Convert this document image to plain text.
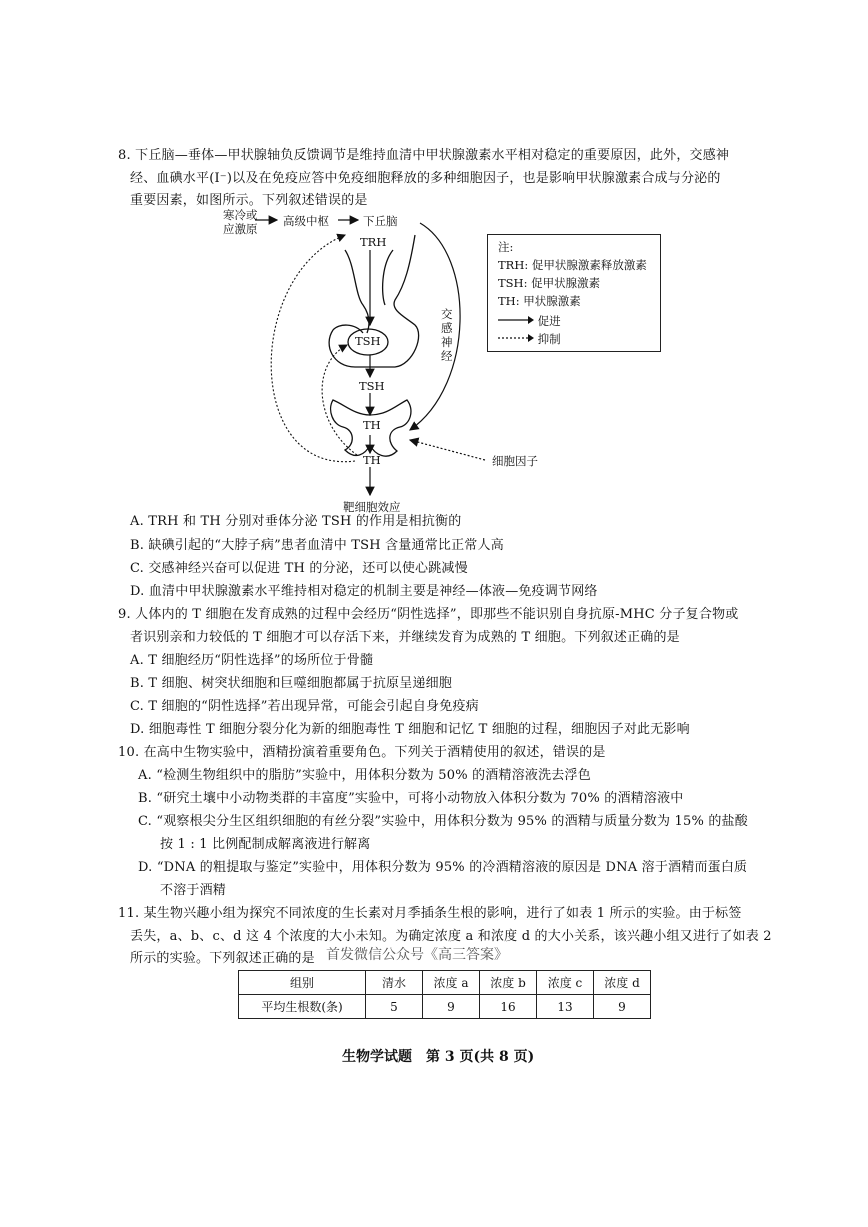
8. 下丘脑—垂体—甲状腺轴负反馈调节是维持血清中甲状腺激素水平相对稳定的重要原因，此外，交感神
经、血碘水平(I⁻)以及在免疫应答中免疫细胞释放的多种细胞因子，也是影响甲状腺激素合成与分泌的
重要因素，如图所示。下列叙述错误的是
寒冷或
应激原
高级中枢	下丘脑
TRH
TSH
TSH
TH
TH
交感神经
细胞因子
靶细胞效应
注:
TRH: 促甲状腺激素释放激素
TSH: 促甲状腺激素
TH: 甲状腺激素
促进
抑制
A. TRH 和 TH 分别对垂体分泌 TSH 的作用是相抗衡的
B. 缺碘引起的“大脖子病”患者血清中 TSH 含量通常比正常人高
C. 交感神经兴奋可以促进 TH 的分泌，还可以使心跳减慢
D. 血清中甲状腺激素水平维持相对稳定的机制主要是神经—体液—免疫调节网络
9. 人体内的 T 细胞在发育成熟的过程中会经历“阴性选择”，即那些不能识别自身抗原-MHC 分子复合物或
者识别亲和力较低的 T 细胞才可以存活下来，并继续发育为成熟的 T 细胞。下列叙述正确的是
A. T 细胞经历“阴性选择”的场所位于骨髓
B. T 细胞、树突状细胞和巨噬细胞都属于抗原呈递细胞
C. T 细胞的“阴性选择”若出现异常，可能会引起自身免疫病
D. 细胞毒性 T 细胞分裂分化为新的细胞毒性 T 细胞和记忆 T 细胞的过程，细胞因子对此无影响
10. 在高中生物实验中，酒精扮演着重要角色。下列关于酒精使用的叙述，错误的是
A. “检测生物组织中的脂肪”实验中，用体积分数为 50% 的酒精溶液洗去浮色
B. “研究土壤中小动物类群的丰富度”实验中，可将小动物放入体积分数为 70% 的酒精溶液中
C. “观察根尖分生区组织细胞的有丝分裂”实验中，用体积分数为 95% 的酒精与质量分数为 15% 的盐酸
按 1 : 1 比例配制成解离液进行解离
D. “DNA 的粗提取与鉴定”实验中，用体积分数为 95% 的冷酒精溶液的原因是 DNA 溶于酒精而蛋白质
不溶于酒精
11. 某生物兴趣小组为探究不同浓度的生长素对月季插条生根的影响，进行了如表 1 所示的实验。由于标签
丢失，a、b、c、d 这 4 个浓度的大小未知。为确定浓度 a 和浓度 d 的大小关系，该兴趣小组又进行了如表 2
所示的实验。下列叙述正确的是 首发微信公众号《高三答案》
组别	清水	浓度 a	浓度 b	浓度 c	浓度 d
平均生根数(条)	5	9	16	13	9
生物学试题　第 3 页(共 8 页)
